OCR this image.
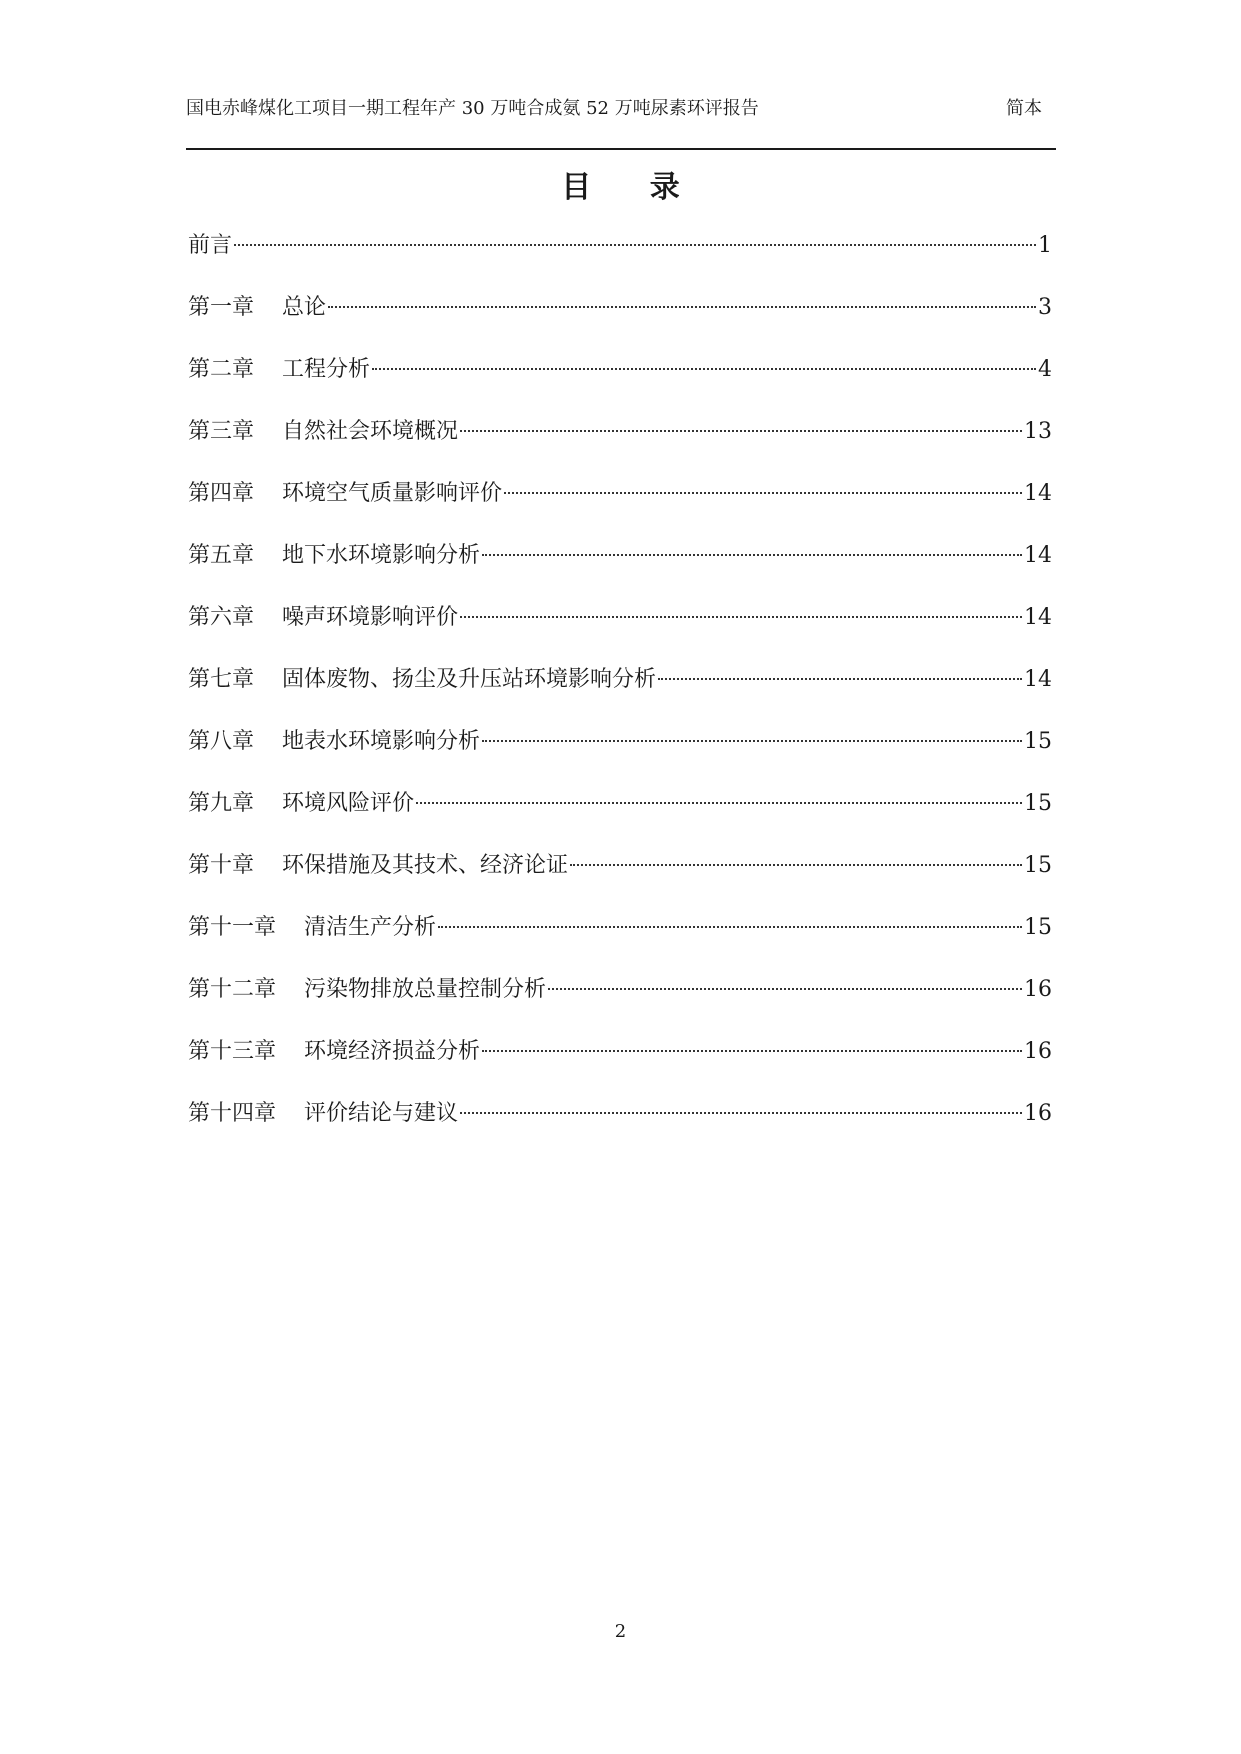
国电赤峰煤化工项目一期工程年产 30 万吨合成氨 52 万吨尿素环评报告	简本
目 录
前言	1
第一章 总论	3
第二章 工程分析	4
第三章 自然社会环境概况	13
第四章 环境空气质量影响评价	14
第五章 地下水环境影响分析	14
第六章 噪声环境影响评价	14
第七章 固体废物、扬尘及升压站环境影响分析	14
第八章 地表水环境影响分析	15
第九章 环境风险评价	15
第十章 环保措施及其技术、经济论证	15
第十一章 清洁生产分析	15
第十二章 污染物排放总量控制分析	16
第十三章 环境经济损益分析	16
第十四章 评价结论与建议	16
2
